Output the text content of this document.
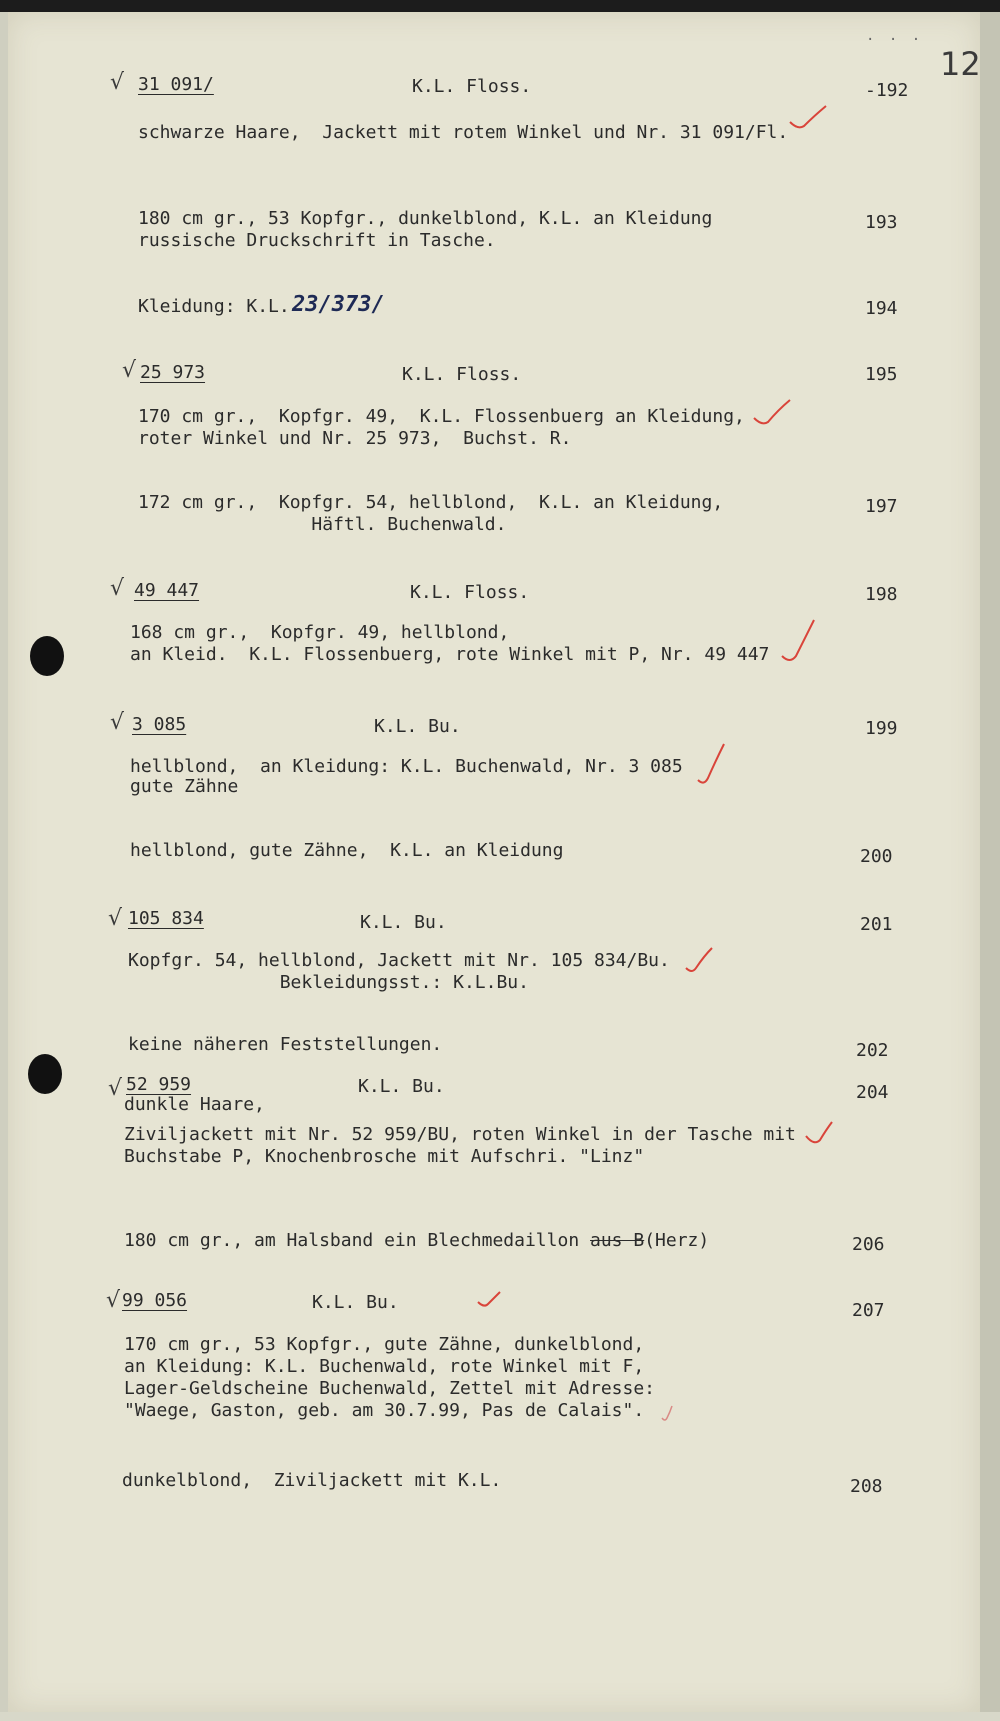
. . .
12
√ 31 091/	K.L. Floss.	-192
schwarze Haare,  Jackett mit rotem Winkel und Nr. 31 091/Fl.
180 cm gr., 53 Kopfgr., dunkelblond, K.L. an Kleidung
russische Druckschrift in Tasche.
193
Kleidung: K.L. 23/373/	194
√ 25 973	K.L. Floss.	195
170 cm gr.,  Kopfgr. 49,  K.L. Flossenbuerg an Kleidung,
roter Winkel und Nr. 25 973,  Buchst. R.
172 cm gr.,  Kopfgr. 54, hellblond,  K.L. an Kleidung,
Häftl. Buchenwald.
197
√ 49 447	K.L. Floss.	198
168 cm gr.,  Kopfgr. 49, hellblond,
an Kleid.  K.L. Flossenbuerg, rote Winkel mit P, Nr. 49 447
√ 3 085	K.L. Bu.	199
hellblond,  an Kleidung: K.L. Buchenwald, Nr. 3 085
gute Zähne
hellblond, gute Zähne,  K.L. an Kleidung	200
√ 105 834	K.L. Bu.	201
Kopfgr. 54, hellblond, Jackett mit Nr. 105 834/Bu.
Bekleidungsst.: K.L.Bu.
keine näheren Feststellungen.	202
√ 52 959	K.L. Bu.	204
dunkle Haare,
Ziviljackett mit Nr. 52 959/BU, roten Winkel in der Tasche mit
Buchstabe P, Knochenbrosche mit Aufschri. "Linz"
180 cm gr., am Halsband ein Blechmedaillon aus B(Herz)	206
√ 99 056	K.L. Bu.	207
170 cm gr., 53 Kopfgr., gute Zähne, dunkelblond,
an Kleidung: K.L. Buchenwald, rote Winkel mit F,
Lager-Geldscheine Buchenwald, Zettel mit Adresse:
"Waege, Gaston, geb. am 30.7.99, Pas de Calais".
dunkelblond,  Ziviljackett mit K.L.	208
